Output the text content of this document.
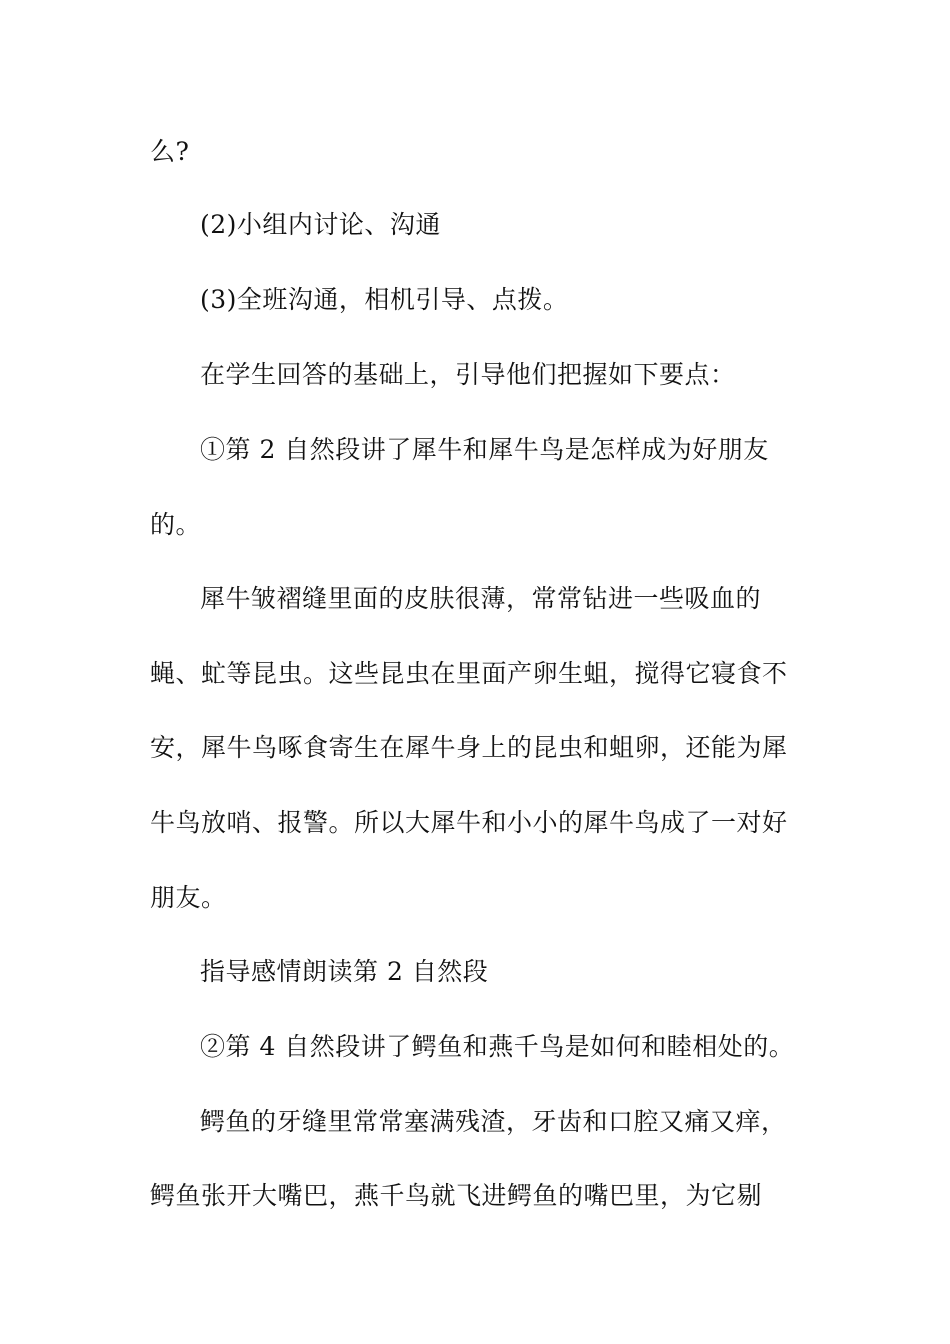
么?
(2)小组内讨论、沟通
(3)全班沟通，相机引导、点拨。
在学生回答的基础上，引导他们把握如下要点：
①第 2 自然段讲了犀牛和犀牛鸟是怎样成为好朋友
的。
犀牛皱褶缝里面的皮肤很薄，常常钻进一些吸血的
蝇、虻等昆虫。这些昆虫在里面产卵生蛆，搅得它寝食不
安，犀牛鸟啄食寄生在犀牛身上的昆虫和蛆卵，还能为犀
牛鸟放哨、报警。所以大犀牛和小小的犀牛鸟成了一对好
朋友。
指导感情朗读第 2 自然段
②第 4 自然段讲了鳄鱼和燕千鸟是如何和睦相处的。
鳄鱼的牙缝里常常塞满残渣，牙齿和口腔又痛又痒，
鳄鱼张开大嘴巴，燕千鸟就飞进鳄鱼的嘴巴里，为它剔
